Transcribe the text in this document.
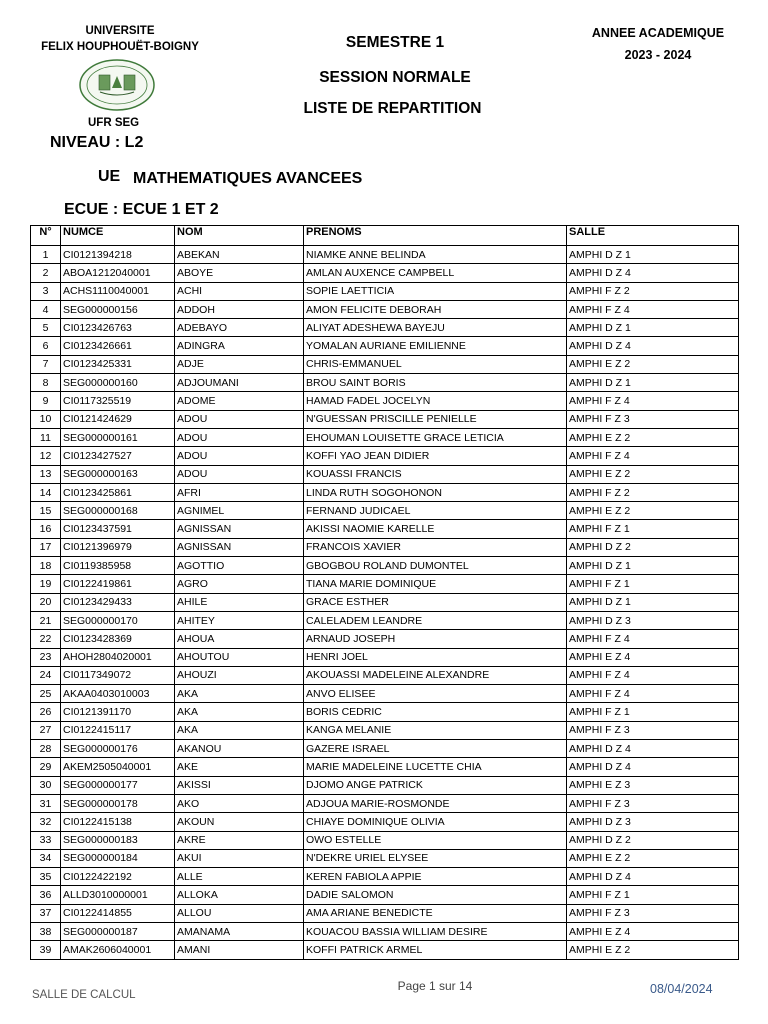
UNIVERSITE
FELIX HOUPHOUËT-BOIGNY
UFR SEG
NIVEAU : L2
UE MATHEMATIQUES AVANCEES
ECUE : ECUE 1 ET 2
SEMESTRE 1
SESSION NORMALE
LISTE DE REPARTITION
ANNEE ACADEMIQUE
2023 - 2024
N°	NUMCE	NOM	PRENOMS	SALLE
1	CI0121394218	ABEKAN	NIAMKE ANNE BELINDA	AMPHI D Z 1
2	ABOA1212040001	ABOYE	AMLAN AUXENCE CAMPBELL	AMPHI D Z 4
3	ACHS1110040001	ACHI	SOPIE LAETTICIA	AMPHI F Z 2
4	SEG000000156	ADDOH	AMON FELICITE DEBORAH	AMPHI F Z 4
5	CI0123426763	ADEBAYO	ALIYAT ADESHEWA BAYEJU	AMPHI D Z 1
6	CI0123426661	ADINGRA	YOMALAN AURIANE EMILIENNE	AMPHI D Z 4
7	CI0123425331	ADJE	CHRIS-EMMANUEL	AMPHI E Z 2
8	SEG000000160	ADJOUMANI	BROU SAINT BORIS	AMPHI D Z 1
9	CI0117325519	ADOME	HAMAD FADEL JOCELYN	AMPHI F Z 4
10	CI0121424629	ADOU	N'GUESSAN PRISCILLE PENIELLE	AMPHI F Z 3
11	SEG000000161	ADOU	EHOUMAN LOUISETTE GRACE LETICIA	AMPHI E Z 2
12	CI0123427527	ADOU	KOFFI YAO JEAN DIDIER	AMPHI F Z 4
13	SEG000000163	ADOU	KOUASSI FRANCIS	AMPHI E Z 2
14	CI0123425861	AFRI	LINDA RUTH SOGOHONON	AMPHI F Z 2
15	SEG000000168	AGNIMEL	FERNAND JUDICAEL	AMPHI E Z 2
16	CI0123437591	AGNISSAN	AKISSI NAOMIE KARELLE	AMPHI F Z 1
17	CI0121396979	AGNISSAN	FRANCOIS XAVIER	AMPHI D Z 2
18	CI0119385958	AGOTTIO	GBOGBOU ROLAND DUMONTEL	AMPHI D Z 1
19	CI0122419861	AGRO	TIANA MARIE DOMINIQUE	AMPHI F Z 1
20	CI0123429433	AHILE	GRACE ESTHER	AMPHI D Z 1
21	SEG000000170	AHITEY	CALELADEM LEANDRE	AMPHI D Z 3
22	CI0123428369	AHOUA	ARNAUD JOSEPH	AMPHI F Z 4
23	AHOH2804020001	AHOUTOU	HENRI JOEL	AMPHI E Z 4
24	CI0117349072	AHOUZI	AKOUASSI MADELEINE ALEXANDRE	AMPHI F Z 4
25	AKAA0403010003	AKA	ANVO ELISEE	AMPHI F Z 4
26	CI0121391170	AKA	BORIS CEDRIC	AMPHI F Z 1
27	CI0122415117	AKA	KANGA MELANIE	AMPHI F Z 3
28	SEG000000176	AKANOU	GAZERE ISRAEL	AMPHI D Z 4
29	AKEM2505040001	AKE	MARIE MADELEINE LUCETTE CHIA	AMPHI D Z 4
30	SEG000000177	AKISSI	DJOMO ANGE PATRICK	AMPHI E Z 3
31	SEG000000178	AKO	ADJOUA MARIE-ROSMONDE	AMPHI F Z 3
32	CI0122415138	AKOUN	CHIAYE DOMINIQUE OLIVIA	AMPHI D Z 3
33	SEG000000183	AKRE	OWO ESTELLE	AMPHI D Z 2
34	SEG000000184	AKUI	N'DEKRE URIEL ELYSEE	AMPHI E Z 2
35	CI0122422192	ALLE	KEREN FABIOLA APPIE	AMPHI D Z 4
36	ALLD3010000001	ALLOKA	DADIE SALOMON	AMPHI F Z 1
37	CI0122414855	ALLOU	AMA ARIANE BENEDICTE	AMPHI F Z 3
38	SEG000000187	AMANAMA	KOUACOU BASSIA WILLIAM DESIRE	AMPHI E Z 4
39	AMAK2606040001	AMANI	KOFFI PATRICK ARMEL	AMPHI E Z 2
SALLE DE CALCUL
Page 1 sur 14	08/04/2024
